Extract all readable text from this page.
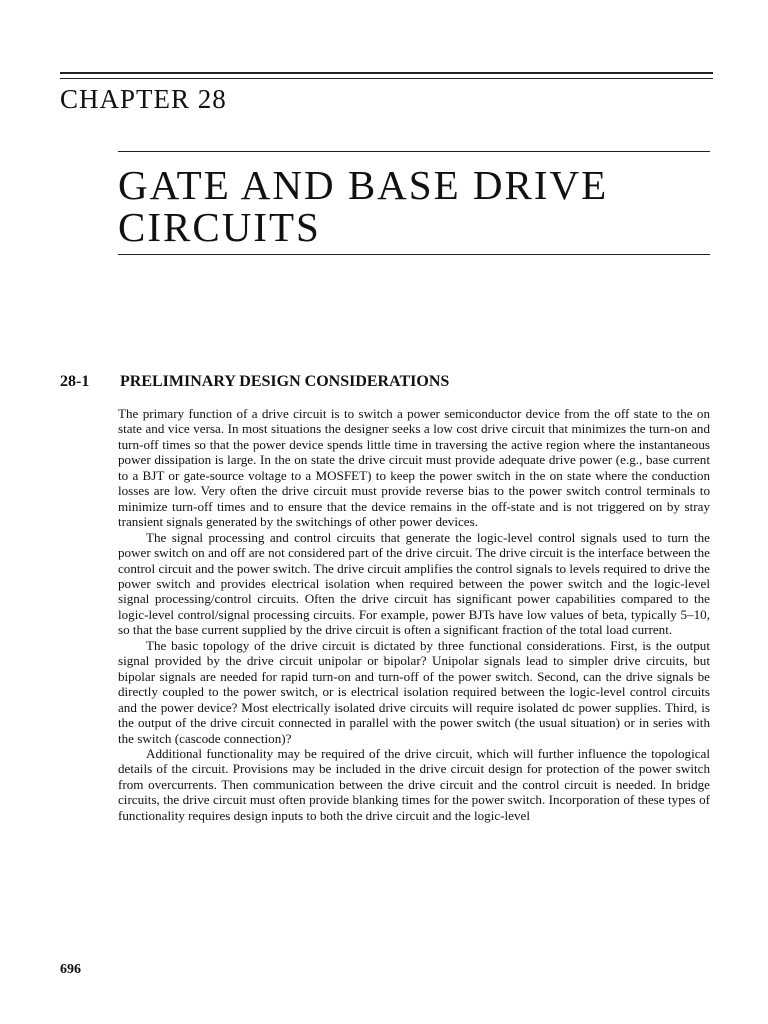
CHAPTER 28
GATE AND BASE DRIVE CIRCUITS
28-1 PRELIMINARY DESIGN CONSIDERATIONS

The primary function of a drive circuit is to switch a power semiconductor device from the off state to the on state and vice versa. In most situations the designer seeks a low cost drive circuit that minimizes the turn-on and turn-off times so that the power device spends little time in traversing the active region where the instantaneous power dissipation is large. In the on state the drive circuit must provide adequate drive power (e.g., base current to a BJT or gate-source voltage to a MOSFET) to keep the power switch in the on state where the conduction losses are low. Very often the drive circuit must provide reverse bias to the power switch control terminals to minimize turn-off times and to ensure that the device remains in the off-state and is not triggered on by stray transient signals generated by the switchings of other power devices.

The signal processing and control circuits that generate the logic-level control signals used to turn the power switch on and off are not considered part of the drive circuit. The drive circuit is the interface between the control circuit and the power switch. The drive circuit amplifies the control signals to levels required to drive the power switch and provides electrical isolation when required between the power switch and the logic-level signal processing/control circuits. Often the drive circuit has significant power capabilities compared to the logic-level control/signal processing circuits. For example, power BJTs have low values of beta, typically 5–10, so that the base current supplied by the drive circuit is often a significant fraction of the total load current.

The basic topology of the drive circuit is dictated by three functional considerations. First, is the output signal provided by the drive circuit unipolar or bipolar? Unipolar signals lead to simpler drive circuits, but bipolar signals are needed for rapid turn-on and turn-off of the power switch. Second, can the drive signals be directly coupled to the power switch, or is electrical isolation required between the logic-level control circuits and the power device? Most electrically isolated drive circuits will require isolated dc power supplies. Third, is the output of the drive circuit connected in parallel with the power switch (the usual situation) or in series with the switch (cascode connection)?

Additional functionality may be required of the drive circuit, which will further influence the topological details of the circuit. Provisions may be included in the drive circuit design for protection of the power switch from overcurrents. Then communication between the drive circuit and the control circuit is needed. In bridge circuits, the drive circuit must often provide blanking times for the power switch. Incorporation of these types of functionality requires design inputs to both the drive circuit and the logic-level

696
